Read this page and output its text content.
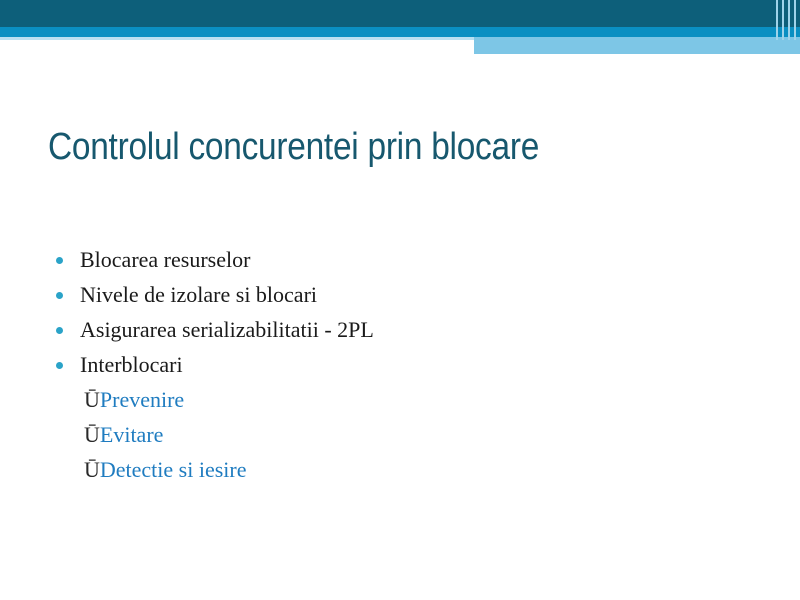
Controlul concurentei prin blocare
Blocarea resurselor
Nivele de izolare si blocari
Asigurarea serializabilitatii - 2PL
Interblocari
ŪPrevenire
ŪEvitare
ŪDetectie si iesire
